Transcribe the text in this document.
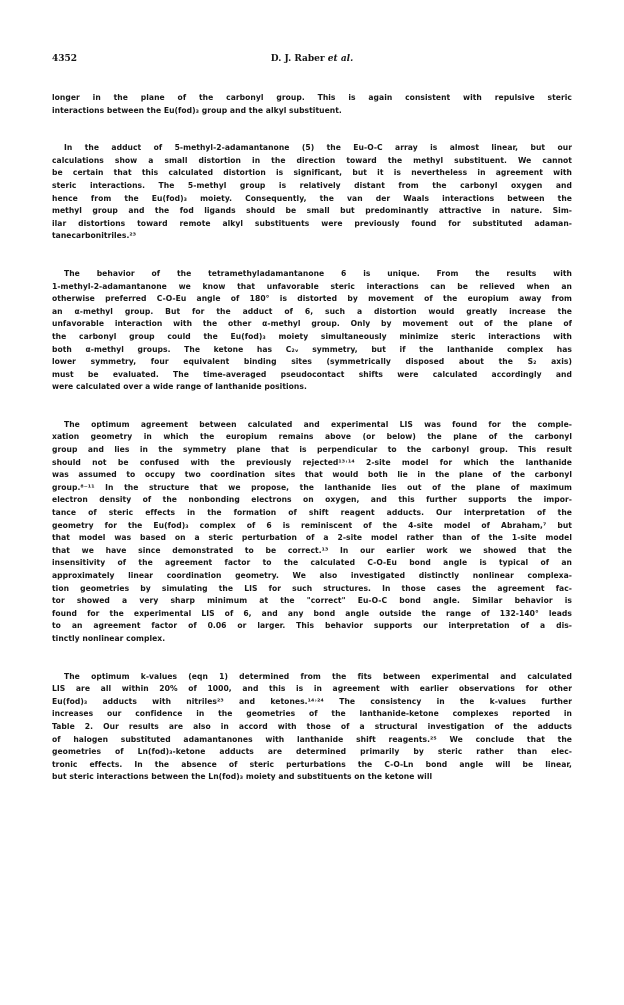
4352	D. J. Raber et al.
longer in the plane of the carbonyl group. This is again consistent with repulsive steric
interactions between the Eu(fod)₃ group and the alkyl substituent.
In the adduct of 5-methyl-2-adamantanone (5) the Eu-O-C array is almost linear, but our
calculations show a small distortion in the direction toward the methyl substituent. We cannot
be certain that this calculated distortion is significant, but it is nevertheless in agreement with
steric interactions. The 5-methyl group is relatively distant from the carbonyl oxygen and
hence from the Eu(fod)₃ moiety. Consequently, the van der Waals interactions between the
methyl group and the fod ligands should be small but predominantly attractive in nature. Sim-
ilar distortions toward remote alkyl substituents were previously found for substituted adaman-
tanecarbonitriles.²³
The behavior of the tetramethyladamantanone 6 is unique. From the results with
1-methyl-2-adamantanone we know that unfavorable steric interactions can be relieved when an
otherwise preferred C-O-Eu angle of 180° is distorted by movement of the europium away from
an α-methyl group. But for the adduct of 6, such a distortion would greatly increase the
unfavorable interaction with the other α-methyl group. Only by movement out of the plane of
the carbonyl group could the Eu(fod)₃ moiety simultaneously minimize steric interactions with
both α-methyl groups. The ketone has C₂ᵥ symmetry, but if the lanthanide complex has
lower symmetry, four equivalent binding sites (symmetrically disposed about the S₂ axis)
must be evaluated. The time-averaged pseudocontact shifts were calculated accordingly and
were calculated over a wide range of lanthanide positions.
The optimum agreement between calculated and experimental LIS was found for the comple-
xation geometry in which the europium remains above (or below) the plane of the carbonyl
group and lies in the symmetry plane that is perpendicular to the carbonyl group. This result
should not be confused with the previously rejected¹³˒¹⁴ 2-site model for which the lanthanide
was assumed to occupy two coordination sites that would both lie in the plane of the carbonyl
group.⁸⁻¹¹ In the structure that we propose, the lanthanide lies out of the plane of maximum
electron density of the nonbonding electrons on oxygen, and this further supports the impor-
tance of steric effects in the formation of shift reagent adducts. Our interpretation of the
geometry for the Eu(fod)₃ complex of 6 is reminiscent of the 4-site model of Abraham,⁷ but
that model was based on a steric perturbation of a 2-site model rather than of the 1-site model
that we have since demonstrated to be correct.¹³ In our earlier work we showed that the
insensitivity of the agreement factor to the calculated C-O-Eu bond angle is typical of an
approximately linear coordination geometry. We also investigated distinctly nonlinear complexa-
tion geometries by simulating the LIS for such structures. In those cases the agreement fac-
tor showed a very sharp minimum at the "correct" Eu-O-C bond angle. Similar behavior is
found for the experimental LIS of 6, and any bond angle outside the range of 132-140° leads
to an agreement factor of 0.06 or larger. This behavior supports our interpretation of a dis-
tinctly nonlinear complex.
The optimum k-values (eqn 1) determined from the fits between experimental and calculated
LIS are all within 20% of 1000, and this is in agreement with earlier observations for other
Eu(fod)₃ adducts with nitriles²³ and ketones.¹⁴˒²⁴ The consistency in the k-values further
increases our confidence in the geometries of the lanthanide-ketone complexes reported in
Table 2. Our results are also in accord with those of a structural investigation of the adducts
of halogen substituted adamantanones with lanthanide shift reagents.²⁵ We conclude that the
geometries of Ln(fod)₃-ketone adducts are determined primarily by steric rather than elec-
tronic effects. In the absence of steric perturbations the C-O-Ln bond angle will be linear,
but steric interactions between the Ln(fod)₃ moiety and substituents on the ketone will
